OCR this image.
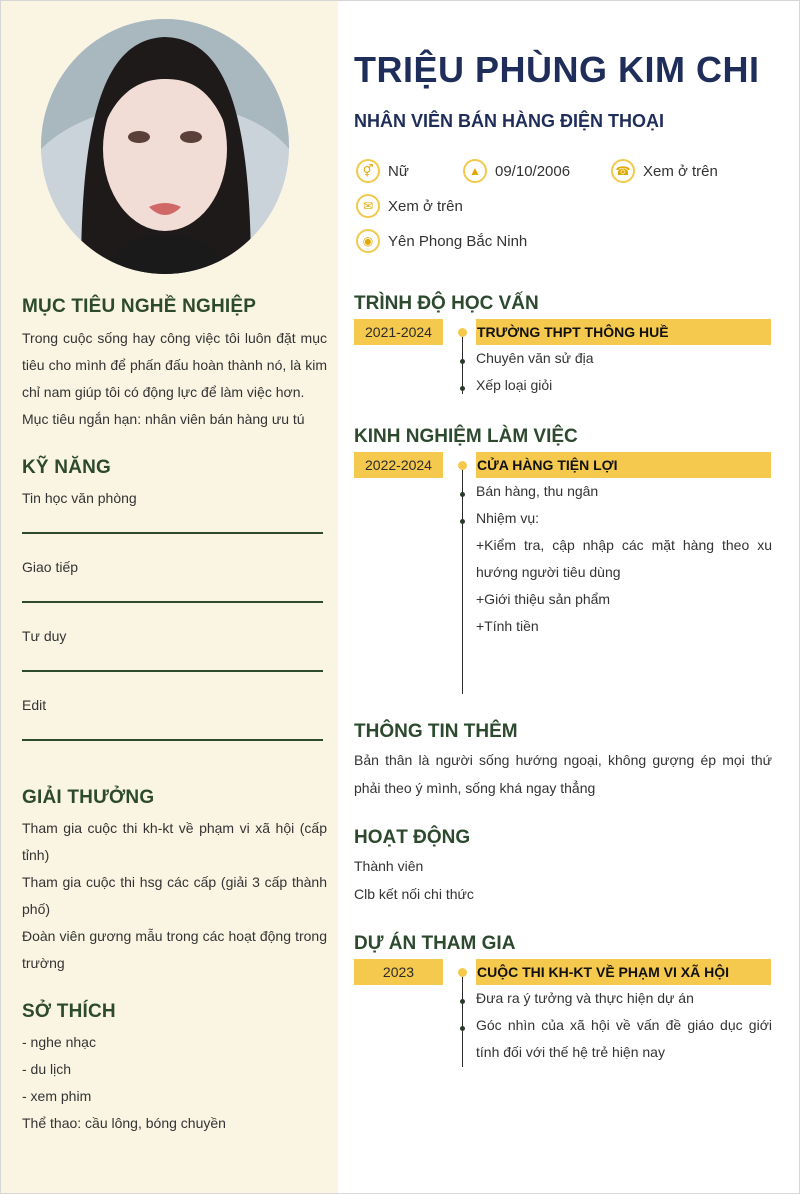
MỤC TIÊU NGHỀ NGHIỆP
Trong cuộc sống hay công việc tôi luôn đặt mục tiêu cho mình để phấn đấu hoàn thành nó, là kim chỉ nam giúp tôi có động lực để làm việc hơn.
Mục tiêu ngắn hạn: nhân viên bán hàng ưu tú
KỸ NĂNG
Tin học văn phòng
Giao tiếp
Tư duy
Edit
GIẢI THƯỞNG
Tham gia cuộc thi kh-kt về phạm vi xã hội (cấp tỉnh)
Tham gia cuộc thi hsg các cấp (giải 3 cấp thành phố)
Đoàn viên gương mẫu trong các hoạt động trong trường
SỞ THÍCH
- nghe nhạc
- du lịch
- xem phim
Thể thao: cầu lông, bóng chuyền
TRIỆU PHÙNG KIM CHI
NHÂN VIÊN BÁN HÀNG ĐIỆN THOẠI
⚥ Nữ	▲ 09/10/2006	☎ Xem ở trên
✉ Xem ở trên
◉ Yên Phong Bắc Ninh
TRÌNH ĐỘ HỌC VẤN
2021-2024	TRƯỜNG THPT THÔNG HUỀ
Chuyên văn sử địa
Xếp loại giỏi
KINH NGHIỆM LÀM VIỆC
2022-2024	CỬA HÀNG TIỆN LỢI
Bán hàng, thu ngân
Nhiệm vụ:
+Kiểm tra, cập nhập các mặt hàng theo xu hướng người tiêu dùng
+Giới thiệu sản phẩm
+Tính tiền
THÔNG TIN THÊM
Bản thân là người sống hướng ngoại, không gượng ép mọi thứ phải theo ý mình, sống khá ngay thẳng
HOẠT ĐỘNG
Thành viên
Clb kết nối chi thức
DỰ ÁN THAM GIA
2023	CUỘC THI KH-KT VỀ PHẠM VI XÃ HỘI
Đưa ra ý tưởng và thực hiện dự án
Góc nhìn của xã hội về vấn đề giáo dục giới tính đối với thế hệ trẻ hiện nay
